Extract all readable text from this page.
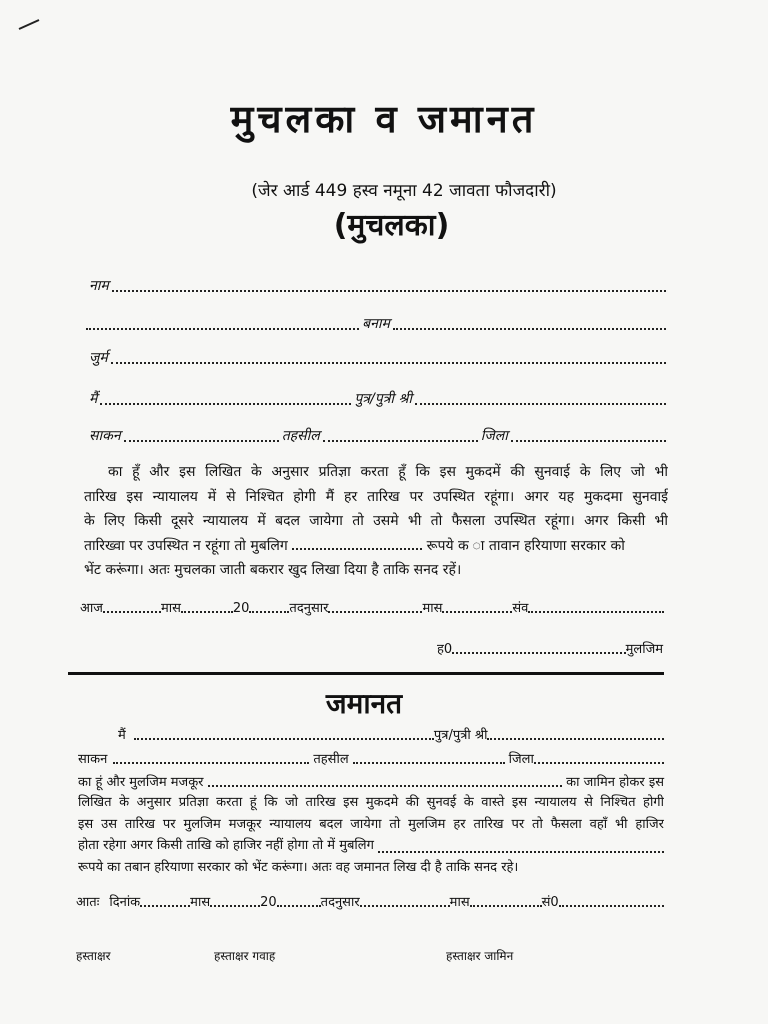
मुचलका व जमानत
(जेर आर्ड 449 हस्व नमूना 42 जावता फौजदारी)
(मुचलका)
नाम
बनाम
जुर्म
मैं	पुत्र/पुत्री श्री
साकन	तहसील	जिला
का हूँ और इस लिखित के अनुसार प्रतिज्ञा करता हूँ कि इस मुकदमें की सुनवाई के लिए जो भी
तारिख इस न्यायालय में से निश्चित होगी मैं हर तारिख पर उपस्थित रहूंगा। अगर यह मुकदमा सुनवाई
के लिए किसी दूसरे न्यायालय में बदल जायेगा तो उसमे भी तो फैसला उपस्थित रहूंगा। अगर किसी भी
तारिख्वा पर उपस्थित न रहूंगा तो मुबलिग	रूपये क ा तावान हरियाणा सरकार को
भेंट करूंगा। अतः मुचलका जाती बकरार खुद लिखा दिया है ताकि सनद रहें।
आज	मास	20	तदनुसार	मास	संव
ह0	मुलजिम
जमानत
मैं	पुत्र/पुत्री श्री
साकन	तहसील	जिला
का हूं और मुलजिम मजकूर	का जामिन होकर इस
लिखित के अनुसार प्रतिज्ञा करता हूं कि जो तारिख इस मुकदमे की सुनवई के वास्ते इस न्यायालय से निश्चित होगी
इस उस तारिख पर मुलजिम मजकूर न्यायालय बदल जायेगा तो मुलजिम हर तारिख पर तो फैसला वहाँ भी हाजिर
होता रहेगा अगर किसी ताखि को हाजिर नहीं होगा तो में मुबलिग
रूपये का तबान हरियाणा सरकार को भेंट करूंगा। अतः वह जमानत लिख दी है ताकि सनद रहे।
आतः दिनांक	मास	20	तदनुसार	मास	सं0
हस्ताक्षर	हस्ताक्षर गवाह	हस्ताक्षर जामिन
